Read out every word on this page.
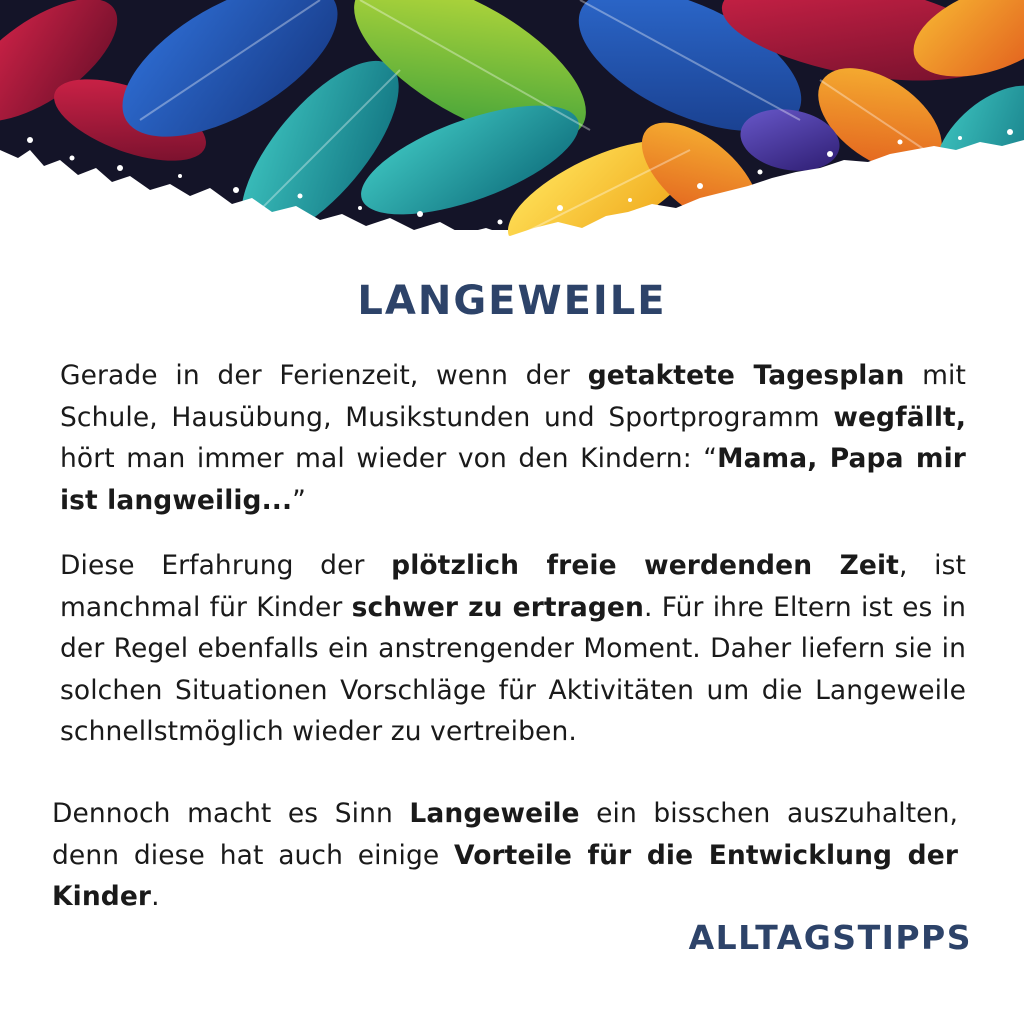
LANGEWEILE

Gerade in der Ferienzeit, wenn der getaktete Tagesplan mit Schule, Hausübung, Musikstunden und Sportprogramm wegfällt, hört man immer mal wieder von den Kindern: “Mama, Papa mir ist langweilig...”

Diese Erfahrung der plötzlich freie werdenden Zeit, ist manchmal für Kinder schwer zu ertragen. Für ihre Eltern ist es in der Regel ebenfalls ein anstrengender Moment. Daher liefern sie in solchen Situationen Vorschläge für Aktivitäten um die Langeweile schnellstmöglich wieder zu vertreiben.

Dennoch macht es Sinn Langeweile ein bisschen auszuhalten, denn diese hat auch einige Vorteile für die Entwicklung der Kinder.

ALLTAGSTIPPS
